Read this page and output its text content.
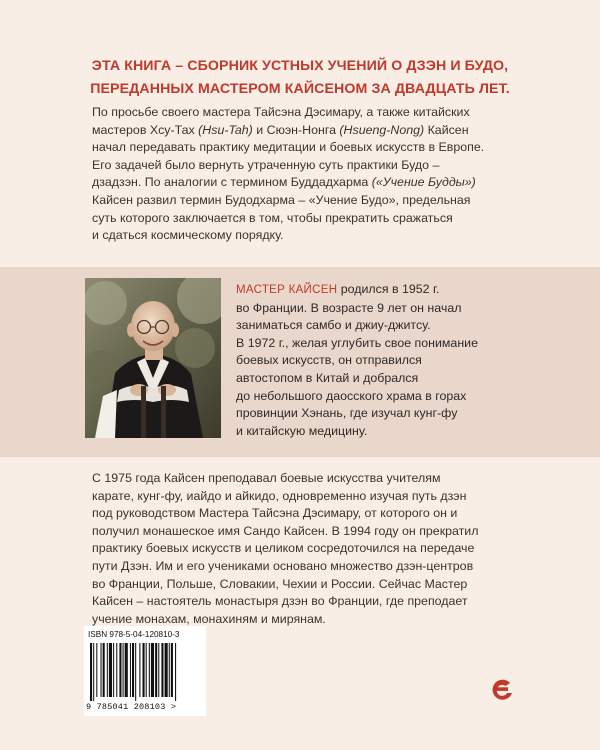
ЭТА КНИГА – СБОРНИК УСТНЫХ УЧЕНИЙ О ДЗЭН И БУДО,
ПЕРЕДАННЫХ МАСТЕРОМ КАЙСЕНОМ ЗА ДВАДЦАТЬ ЛЕТ.
По просьбе своего мастера Тайсэна Дэсимару, а также китайских
мастеров Хсу-Тах (Hsu-Tah) и Сюэн-Нонга (Hsueng-Nong) Кайсен
начал передавать практику медитации и боевых искусств в Европе.
Его задачей было вернуть утраченную суть практики Будо –
дзадзэн. По аналогии с термином Буддадхарма («Учение Будды»)
Кайсен развил термин Будодхарма – «Учение Будо», предельная
суть которого заключается в том, чтобы прекратить сражаться
и сдаться космическому порядку.
МАСТЕР КАЙСЕН родился в 1952 г.
во Франции. В возрасте 9 лет он начал
заниматься самбо и джиу-джитсу.
В 1972 г., желая углубить свое понимание
боевых искусств, он отправился
автостопом в Китай и добрался
до небольшого даосского храма в горах
провинции Хэнань, где изучал кунг-фу
и китайскую медицину.
С 1975 года Кайсен преподавал боевые искусства учителям
карате, кунг-фу, иайдо и айкидо, одновременно изучая путь дзэн
под руководством Мастера Тайсэна Дэсимару, от которого он и
получил монашеское имя Сандо Кайсен. В 1994 году он прекратил
практику боевых искусств и целиком сосредоточился на передаче
пути Дзэн. Им и его учениками основано множество дзэн-центров
во Франции, Польше, Словакии, Чехии и России. Сейчас Мастер
Кайсен – настоятель монастыря дзэн во Франции, где преподает
учение монахам, монахиням и мирянам.
ISBN 978-5-04-120810-3
9 785041 208103 >
